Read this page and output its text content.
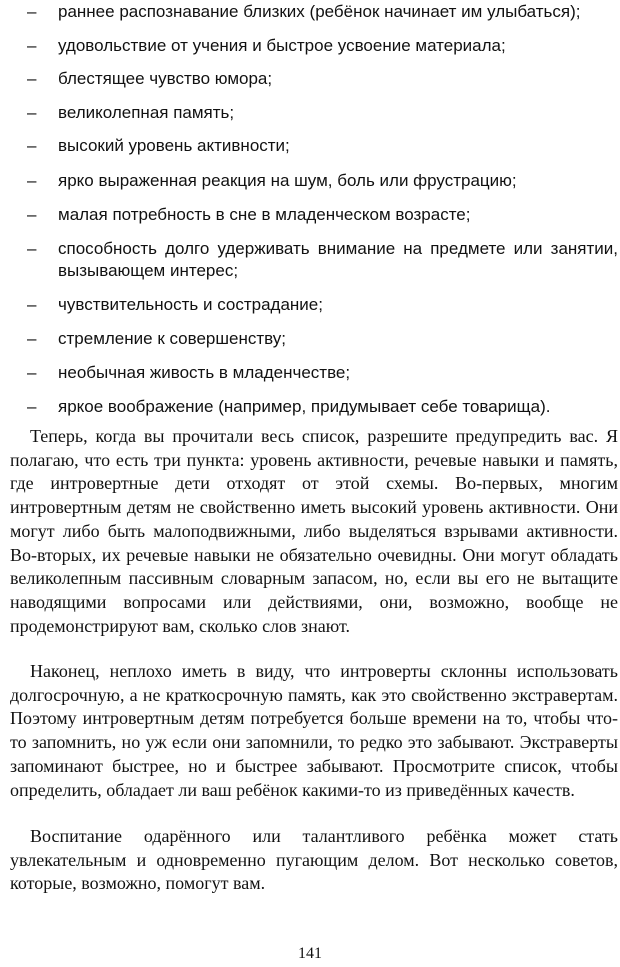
– раннее распознавание близких (ребёнок начинает им улыбаться);
– удовольствие от учения и быстрое усвоение материала;
– блестящее чувство юмора;
– великолепная память;
– высокий уровень активности;
– ярко выраженная реакция на шум, боль или фрустрацию;
– малая потребность в сне в младенческом возрасте;
– способность долго удерживать внимание на предмете или занятии, вызывающем интерес;
– чувствительность и сострадание;
– стремление к совершенству;
– необычная живость в младенчестве;
– яркое воображение (например, придумывает себе товарища).

Теперь, когда вы прочитали весь список, разрешите предупредить вас. Я полагаю, что есть три пункта: уровень активности, речевые навыки и память, где интровертные дети отходят от этой схемы. Во-первых, многим интровертным детям не свойственно иметь высокий уровень активности. Они могут либо быть малоподвижными, либо выделяться взрывами активности. Во-вторых, их речевые навыки не обязательно очевидны. Они могут обладать великолепным пассивным словарным запасом, но, если вы его не вытащите наводящими вопросами или действиями, они, возможно, вообще не продемонстрируют вам, сколько слов знают.

Наконец, неплохо иметь в виду, что интроверты склонны использовать долгосрочную, а не краткосрочную память, как это свойственно экстравертам. Поэтому интровертным детям потребуется больше времени на то, чтобы что-то запомнить, но уж если они запомнили, то редко это забывают. Экстраверты запоминают быстрее, но и быстрее забывают. Просмотрите список, чтобы определить, обладает ли ваш ребёнок какими-то из приведённых качеств.

Воспитание одарённого или талантливого ребёнка может стать увлекательным и одновременно пугающим делом. Вот несколько советов, которые, возможно, помогут вам.

141
